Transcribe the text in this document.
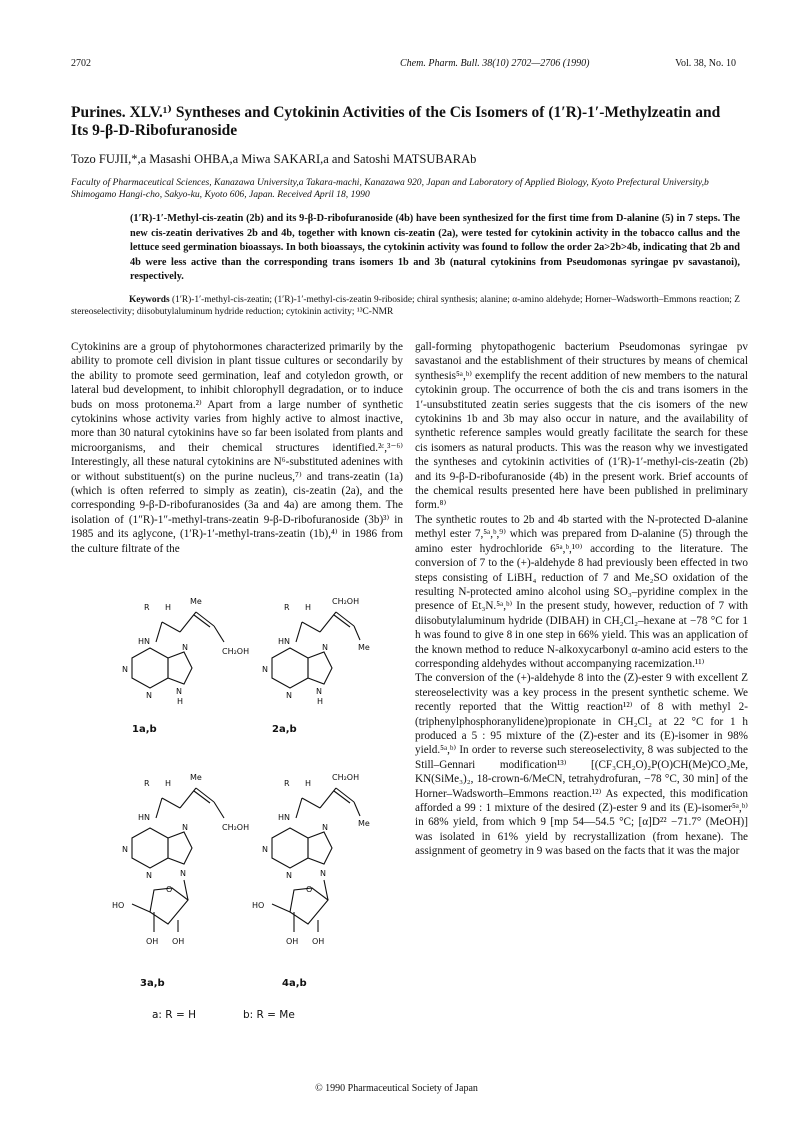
2702	Chem. Pharm. Bull. 38(10) 2702—2706 (1990)	Vol. 38, No. 10
Purines. XLV.¹⁾ Syntheses and Cytokinin Activities of the Cis Isomers of (1′R)-1′-Methylzeatin and Its 9-β-D-Ribofuranoside
Tozo FUJII,*,a Masashi OHBA,a Miwa SAKARI,a and Satoshi MATSUBARAb
Faculty of Pharmaceutical Sciences, Kanazawa University,a Takara-machi, Kanazawa 920, Japan and Laboratory of Applied Biology, Kyoto Prefectural University,b Shimogamo Hangi-cho, Sakyo-ku, Kyoto 606, Japan. Received April 18, 1990
(1′R)-1′-Methyl-cis-zeatin (2b) and its 9-β-D-ribofuranoside (4b) have been synthesized for the first time from D-alanine (5) in 7 steps. The new cis-zeatin derivatives 2b and 4b, together with known cis-zeatin (2a), were tested for cytokinin activity in the tobacco callus and the lettuce seed germination bioassays. In both bioassays, the cytokinin activity was found to follow the order 2a>2b>4b, indicating that 2b and 4b were less active than the corresponding trans isomers 1b and 3b (natural cytokinins from Pseudomonas syringae pv savastanoi), respectively.
Keywords (1′R)-1′-methyl-cis-zeatin; (1′R)-1′-methyl-cis-zeatin 9-riboside; chiral synthesis; alanine; α-amino aldehyde; Horner–Wadsworth–Emmons reaction; Z stereoselectivity; diisobutylaluminum hydride reduction; cytokinin activity; ¹³C-NMR
Cytokinins are a group of phytohormones characterized primarily by the ability to promote cell division in plant tissue cultures or secondarily by the ability to promote seed germination, leaf and cotyledon growth, or lateral bud development, to inhibit chlorophyll degradation, or to induce buds on moss protonema.²⁾ Apart from a large number of synthetic cytokinins whose activity varies from highly active to almost inactive, more than 30 natural cytokinins have so far been isolated from plants and microorganisms, and their chemical structures identified.²ᶜ,³⁻⁶⁾ Interestingly, all these natural cytokinins are N⁶-substituted adenines with or without substituent(s) on the purine nucleus,⁷⁾ and trans-zeatin (1a) (which is often referred to simply as zeatin), cis-zeatin (2a), and the corresponding 9-β-D-ribofuranosides (3a and 4a) are among them. The isolation of (1″R)-1″-methyl-trans-zeatin 9-β-D-ribofuranoside (3b)³⁾ in 1985 and its aglycone, (1′R)-1′-methyl-trans-zeatin (1b),⁴⁾ in 1986 from the culture filtrate of the
gall-forming phytopathogenic bacterium Pseudomonas syringae pv savastanoi and the establishment of their structures by means of chemical synthesis⁵ᵃ,ᵇ⁾ exemplify the recent addition of new members to the natural cytokinin group. The occurrence of both the cis and trans isomers in the 1′-unsubstituted zeatin series suggests that the cis isomers of the new cytokinins 1b and 3b may also occur in nature, and the availability of synthetic reference samples would greatly facilitate the search for these cis isomers as natural products. This was the reason why we investigated the syntheses and cytokinin activities of (1′R)-1′-methyl-cis-zeatin (2b) and its 9-β-D-ribofuranoside (4b) in the present work. Brief accounts of the chemical results presented here have been published in preliminary form.⁸⁾
The synthetic routes to 2b and 4b started with the N-protected D-alanine methyl ester 7,⁵ᵃ,ᵇ,⁹⁾ which was prepared from D-alanine (5) through the amino ester hydrochloride 6⁵ᵃ,ᵇ,¹⁰⁾ according to the literature. The conversion of 7 to the (+)-aldehyde 8 had previously been effected in two steps consisting of LiBH₄ reduction of 7 and Me₂SO oxidation of the resulting N-protected amino alcohol using SO₃–pyridine complex in the presence of Et₃N.⁵ᵃ,ᵇ⁾ In the present study, however, reduction of 7 with diisobutylaluminum hydride (DIBAH) in CH₂Cl₂–hexane at −78 °C for 1 h was found to give 8 in one step in 66% yield. This was an application of the known method to reduce N-alkoxycarbonyl α-amino acid esters to the corresponding aldehydes without accompanying racemization.¹¹⁾
The conversion of the (+)-aldehyde 8 into the (Z)-ester 9 with excellent Z stereoselectivity was a key process in the present synthetic scheme. We recently reported that the Wittig reaction¹²⁾ of 8 with methyl 2-(triphenylphosphoranylidene)propionate in CH₂Cl₂ at 22 °C for 1 h produced a 5 : 95 mixture of the (Z)-ester and its (E)-isomer in 98% yield.⁵ᵃ,ᵇ⁾ In order to reverse such stereoselectivity, 8 was subjected to the Still–Gennari modification¹³⁾ [(CF₃CH₂O)₂P(O)CH(Me)CO₂Me, KN(SiMe₃)₂, 18-crown-6/MeCN, tetrahydrofuran, −78 °C, 30 min] of the Horner–Wadsworth–Emmons reaction.¹²⁾ As expected, this modification afforded a 99 : 1 mixture of the desired (Z)-ester 9 and its (E)-isomer⁵ᵃ,ᵇ⁾ in 68% yield, from which 9 [mp 54—54.5 °C; [α]D²² −71.7° (MeOH)] was isolated in 61% yield by recrystallization (from hexane). The assignment of geometry in 9 was based on the facts that it was the major
R H
Me
CH₂OH
HN
N
N	N
N
H
1a,b
R H
CH₂OH
Me
HN
N
N	N
N
H
2a,b
R H
Me
CH₂OH
HN
N
N	N
N
O
HO
OH OH
3a,b
R H
CH₂OH
Me
HN
N
N	N
N
O
HO
OH OH
4a,b
a: R = H	b: R = Me
© 1990 Pharmaceutical Society of Japan
